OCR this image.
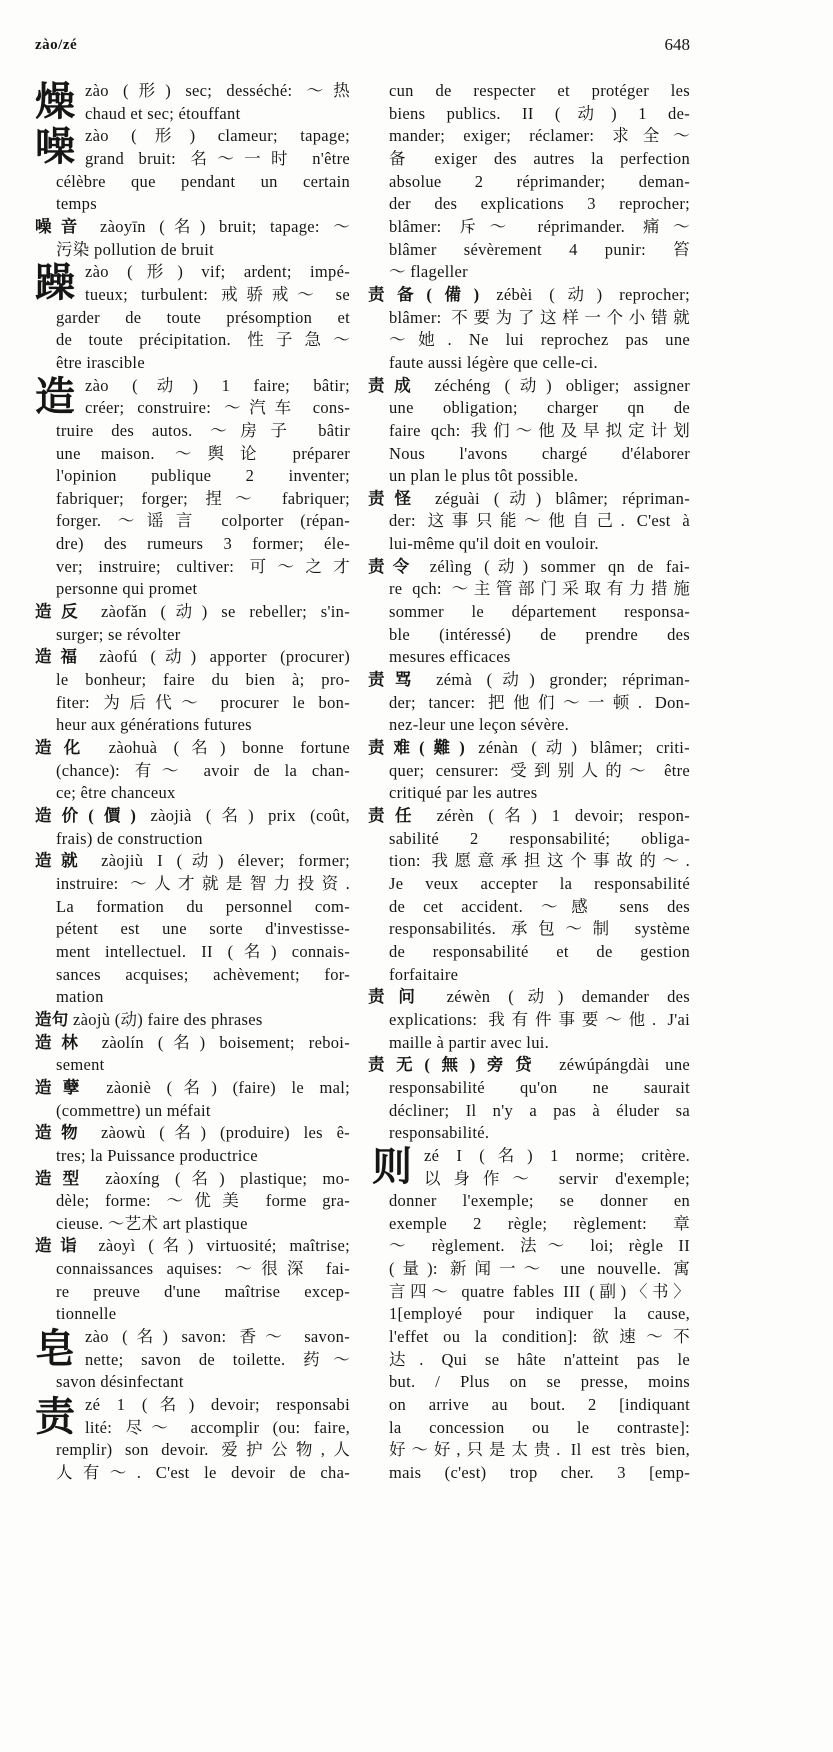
zào/zé	648
燥 zào (形) sec; desséché: ～热
chaud et sec; étouffant
噪 zào (形) clameur; tapage;
grand bruit: 名～一时 n'être
célèbre que pendant un certain
temps
噪音 zàoyīn (名) bruit; tapage: ～
污染 pollution de bruit
躁 zào (形) vif; ardent; impé-
tueux; turbulent: 戒骄戒～ se
garder de toute présomption et
de toute précipitation. 性子急～
être irascible
造 zào (动) 1 faire; bâtir;
créer; construire: ～汽车 cons-
truire des autos. ～房子 bâtir
une maison. ～舆论 préparer
l'opinion publique 2 inventer;
fabriquer; forger; 捏～ fabriquer;
forger. ～谣言 colporter (répan-
dre) des rumeurs 3 former; éle-
ver; instruire; cultiver: 可～之才
personne qui promet
造反 zàofǎn (动) se rebeller; s'in-
surger; se révolter
造福 zàofú (动) apporter (procurer)
le bonheur; faire du bien à; pro-
fiter: 为后代～ procurer le bon-
heur aux générations futures
造化 zàohuà (名) bonne fortune
(chance): 有～ avoir de la chan-
ce; être chanceux
造价(價) zàojià (名) prix (coût,
frais) de construction
造就 zàojiù I (动) élever; former;
instruire: ～人才就是智力投资.
La formation du personnel com-
pétent est une sorte d'investisse-
ment intellectuel. II (名) connais-
sances acquises; achèvement; for-
mation
造句 zàojù (动) faire des phrases
造林 zàolín (名) boisement; reboi-
sement
造孽 zàoniè (名) (faire) le mal;
(commettre) un méfait
造物 zàowù (名) (produire) les ê-
tres; la Puissance productrice
造型 zàoxíng (名) plastique; mo-
dèle; forme: ～优美 forme gra-
cieuse. ～艺术 art plastique
造诣 zàoyì (名) virtuosité; maîtrise;
connaissances aquises: ～很深 fai-
re preuve d'une maîtrise excep-
tionnelle
皂 zào (名) savon: 香～ savon-
nette; savon de toilette. 药～
savon désinfectant
责 zé 1 (名) devoir; responsabi
lité: 尽～ accomplir (ou: faire,
remplir) son devoir. 爱护公物,人
人有～. C'est le devoir de cha-
cun de respecter et protéger les
biens publics. II (动) 1 de-
mander; exiger; réclamer: 求全～
备 exiger des autres la perfection
absolue 2 réprimander; deman-
der des explications 3 reprocher;
blâmer: 斥～ réprimander. 痛～
blâmer sévèrement 4 punir: 笞
～ flageller
责备(備) zébèi (动) reprocher;
blâmer: 不要为了这样一个小错就
～她. Ne lui reprochez pas une
faute aussi légère que celle-ci.
责成 zéchéng (动) obliger; assigner
une obligation; charger qn de
faire qch: 我们～他及早拟定计划
Nous l'avons chargé d'élaborer
un plan le plus tôt possible.
责怪 zéguài (动) blâmer; répriman-
der: 这事只能～他自己. C'est à
lui-même qu'il doit en vouloir.
责令 zélìng (动) sommer qn de fai-
re qch: ～主管部门采取有力措施
sommer le département responsa-
ble (intéressé) de prendre des
mesures efficaces
责骂 zémà (动) gronder; répriman-
der; tancer: 把他们～一顿. Don-
nez-leur une leçon sévère.
责难(難) zénàn (动) blâmer; criti-
quer; censurer: 受到别人的～ être
critiqué par les autres
责任 zérèn (名) 1 devoir; respon-
sabilité 2 responsabilité; obliga-
tion: 我愿意承担这个事故的～.
Je veux accepter la responsabilité
de cet accident. ～感 sens des
responsabilités. 承包～制 système
de responsabilité et de gestion
forfaitaire
责问 zéwèn (动) demander des
explications: 我有件事要～他. J'ai
maille à partir avec lui.
责无(無)旁贷 zéwúpángdài une
responsabilité qu'on ne saurait
décliner; Il n'y a pas à éluder sa
responsabilité.
则 zé I (名) 1 norme; critère.
以身作～ servir d'exemple;
donner l'exemple; se donner en
exemple 2 règle; règlement: 章
～ règlement. 法～ loi; règle II
(量): 新闻一～ une nouvelle. 寓
言四～ quatre fables III (副)〈书〉
1[employé pour indiquer la cause,
l'effet ou la condition]: 欲速～不
达. Qui se hâte n'atteint pas le
but. / Plus on se presse, moins
on arrive au bout. 2 [indiquant
la concession ou le contraste]:
好～好,只是太贵. Il est très bien,
mais (c'est) trop cher. 3 [emp-
